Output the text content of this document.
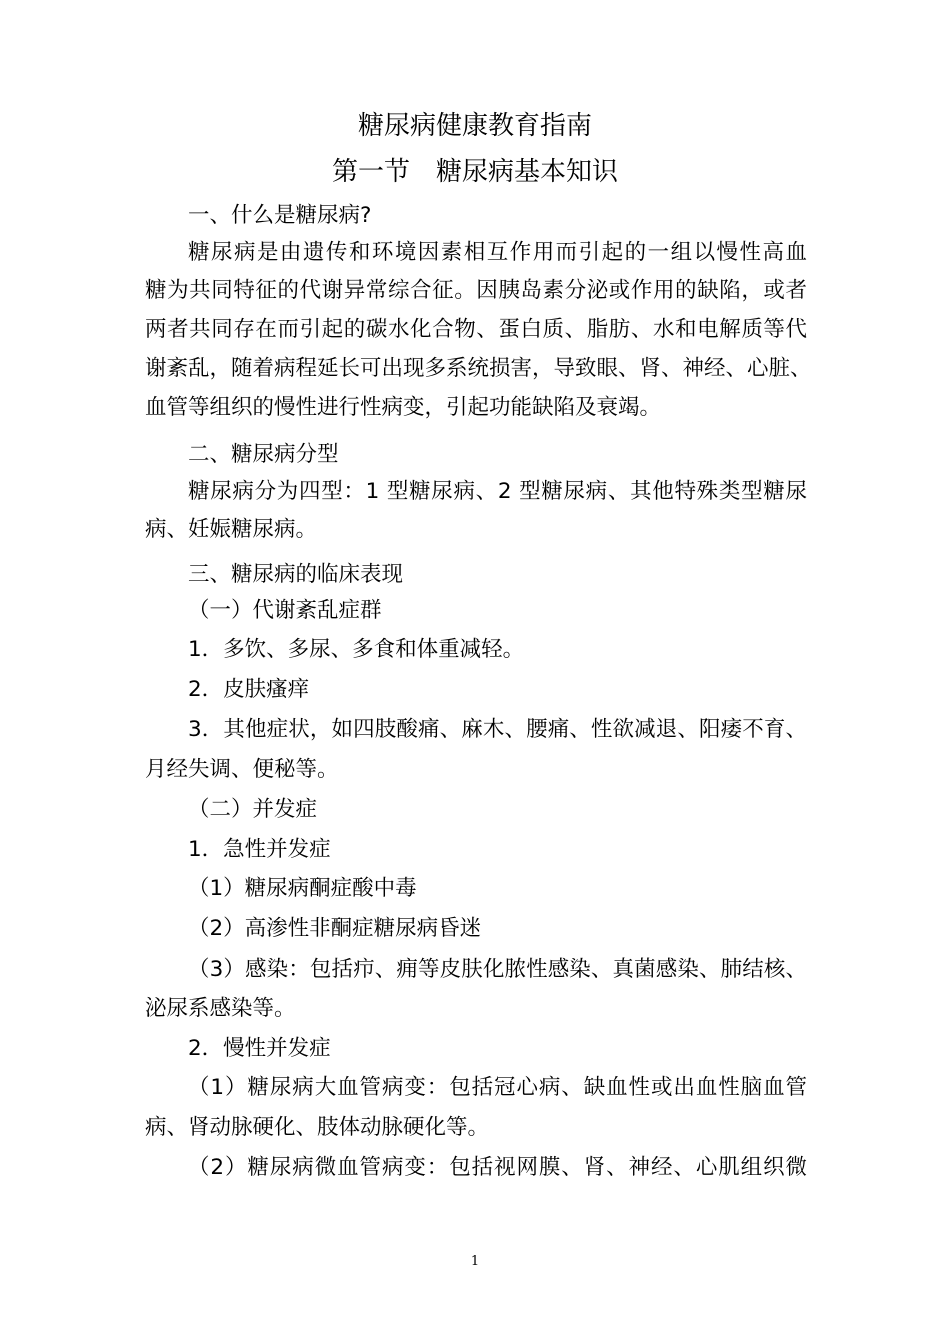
糖尿病健康教育指南
第一节　糖尿病基本知识
一、什么是糖尿病?
糖尿病是由遗传和环境因素相互作用而引起的一组以慢性高血
糖为共同特征的代谢异常综合征。因胰岛素分泌或作用的缺陷，或者
两者共同存在而引起的碳水化合物、蛋白质、脂肪、水和电解质等代
谢紊乱，随着病程延长可出现多系统损害，导致眼、肾、神经、心脏、
血管等组织的慢性进行性病变，引起功能缺陷及衰竭。
二、糖尿病分型
糖尿病分为四型：1 型糖尿病、2 型糖尿病、其他特殊类型糖尿
病、妊娠糖尿病。
三、糖尿病的临床表现
（一）代谢紊乱症群
1．多饮、多尿、多食和体重减轻。
2．皮肤瘙痒
3．其他症状，如四肢酸痛、麻木、腰痛、性欲减退、阳痿不育、
月经失调、便秘等。
（二）并发症
1．急性并发症
（1）糖尿病酮症酸中毒
（2）高渗性非酮症糖尿病昏迷
（3）感染：包括疖、痈等皮肤化脓性感染、真菌感染、肺结核、
泌尿系感染等。
2．慢性并发症
（1）糖尿病大血管病变：包括冠心病、缺血性或出血性脑血管
病、肾动脉硬化、肢体动脉硬化等。
（2）糖尿病微血管病变：包括视网膜、肾、神经、心肌组织微
1
